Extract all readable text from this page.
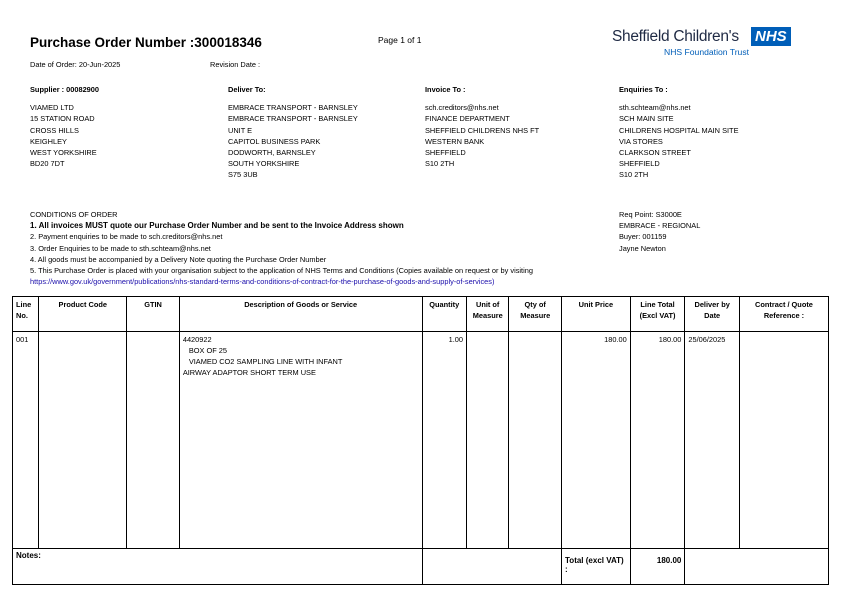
Purchase Order Number :300018346	Page 1 of 1	Sheffield Children's NHS
NHS Foundation Trust
Date of Order: 20-Jun-2025	Revision Date :
Supplier : 00082900
VIAMED LTD
15 STATION ROAD
CROSS HILLS
KEIGHLEY
WEST YORKSHIRE
BD20 7DT
Deliver To:
EMBRACE TRANSPORT - BARNSLEY
EMBRACE TRANSPORT - BARNSLEY
UNIT E
CAPITOL BUSINESS PARK
DODWORTH, BARNSLEY
SOUTH YORKSHIRE
S75 3UB
Invoice To :
sch.creditors@nhs.net
FINANCE DEPARTMENT
SHEFFIELD CHILDRENS NHS FT
WESTERN BANK
SHEFFIELD
S10 2TH
Enquiries To :
sth.schteam@nhs.net
SCH MAIN SITE
CHILDRENS HOSPITAL MAIN SITE
VIA STORES
CLARKSON STREET
SHEFFIELD
S10 2TH
CONDITIONS OF ORDER
1. All invoices MUST quote our Purchase Order Number and be sent to the Invoice Address shown
2. Payment enquiries to be made to sch.creditors@nhs.net
3. Order Enquiries to be made to sth.schteam@nhs.net
4. All goods must be accompanied by a Delivery Note quoting the Purchase Order Number
5. This Purchase Order is placed with your organisation subject to the application of NHS Terms and Conditions (Copies available on request or by visiting
https://www.gov.uk/government/publications/nhs-standard-terms-and-conditions-of-contract-for-the-purchase-of-goods-and-supply-of-services)
Req Point: S3000E
EMBRACE - REGIONAL
Buyer: 001159
Jayne Newton
Line No.	Product Code	GTIN	Description of Goods or Service	Quantity	Unit of Measure	Qty of Measure	Unit Price	Line Total (Excl VAT)	Deliver by Date	Contract / Quote Reference :
001			4420922
BOX OF 25
VIAMED CO2 SAMPLING LINE WITH INFANT
AIRWAY ADAPTOR SHORT TERM USE	1.00			180.00	180.00	25/06/2025	
Notes:							Total (excl VAT) :	180.00		
